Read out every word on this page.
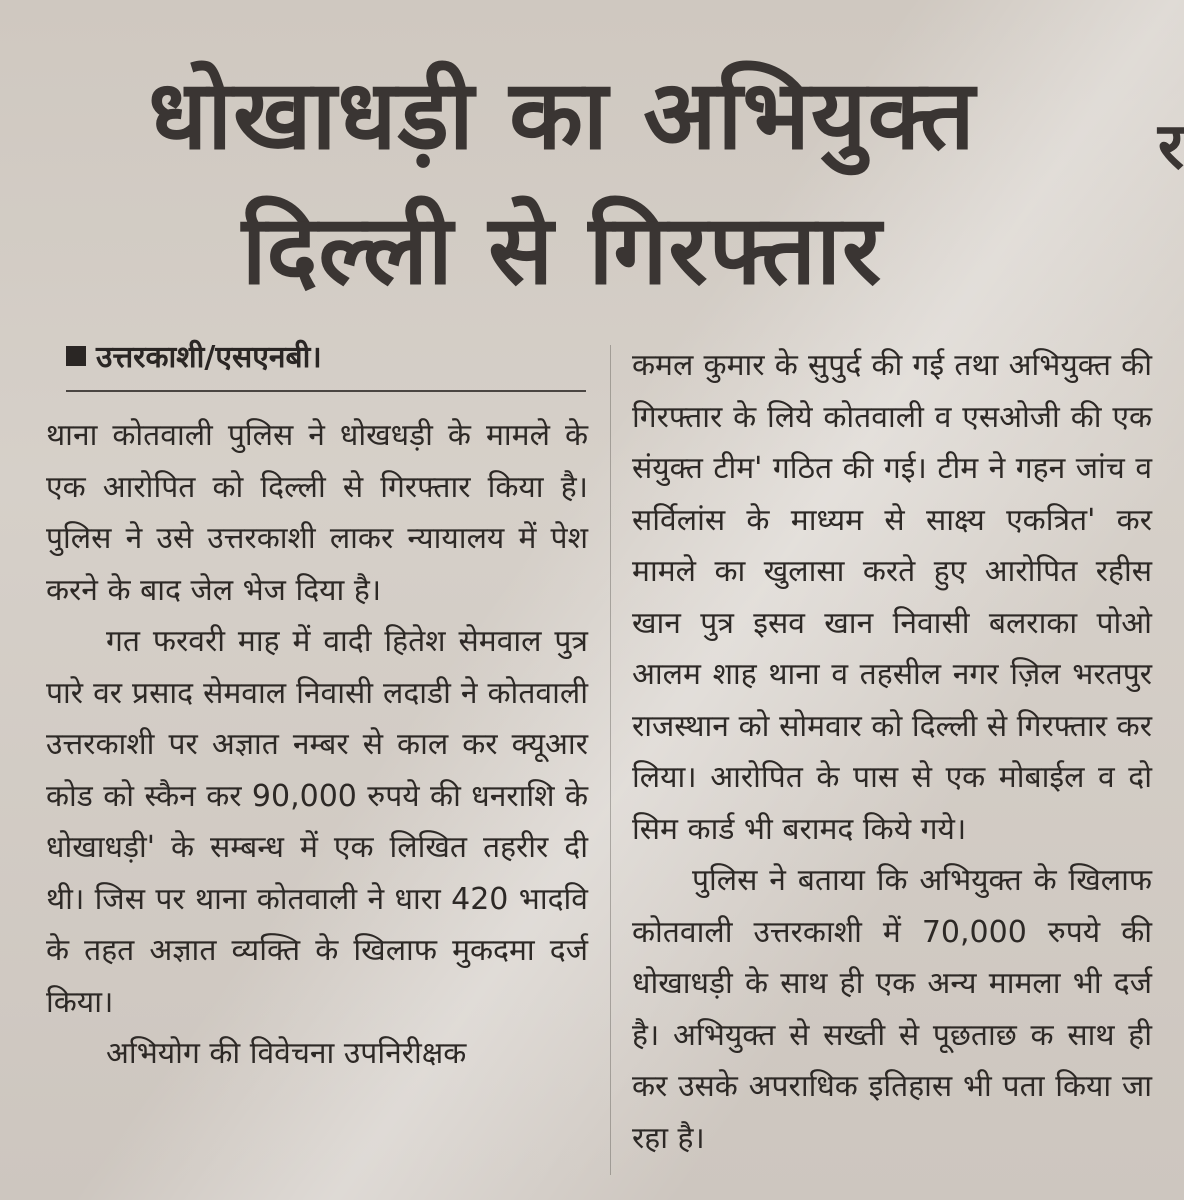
धोखाधड़ी का अभियुक्त
दिल्ली से गिरफ्तार
र
उत्तरकाशी/एसएनबी।

थाना कोतवाली पुलिस ने धोखधड़ी के मामले के एक आरोपित को दिल्ली से गिरफ्तार किया है। पुलिस ने उसे उत्तरकाशी लाकर न्यायालय में पेश करने के बाद जेल भेज दिया है।

गत फरवरी माह में वादी हितेश सेमवाल पुत्र पारे वर प्रसाद सेमवाल निवासी लदाडी ने कोतवाली उत्तरकाशी पर अज्ञात नम्बर से काल कर क्यूआर कोड को स्कैन कर 90,000 रुपये की धनराशि के धोखाधड़ी' के सम्बन्ध में एक लिखित तहरीर दी थी। जिस पर थाना कोतवाली ने धारा 420 भादवि के तहत अज्ञात व्यक्ति के खिलाफ मुकदमा दर्ज किया।

अभियोग की विवेचना उपनिरीक्षक

कमल कुमार के सुपुर्द की गई तथा अभियुक्त की गिरफ्तार के लिये कोतवाली व एसओजी की एक संयुक्त टीम' गठित की गई। टीम ने गहन जांच व सर्विलांस के माध्यम से साक्ष्य एकत्रित' कर मामले का खुलासा करते हुए आरोपित रहीस खान पुत्र इसव खान निवासी बलराका पोओ आलम शाह थाना व तहसील नगर ज़िल भरतपुर राजस्थान को सोमवार को दिल्ली से गिरफ्तार कर लिया। आरोपित के पास से एक मोबाईल व दो सिम कार्ड भी बरामद किये गये।

पुलिस ने बताया कि अभियुक्त के खिलाफ कोतवाली उत्तरकाशी में 70,000 रुपये की धोखाधड़ी के साथ ही एक अन्य मामला भी दर्ज है। अभियुक्त से सख्ती से पूछताछ क साथ ही कर उसके अपराधिक इतिहास भी पता किया जा रहा है।
